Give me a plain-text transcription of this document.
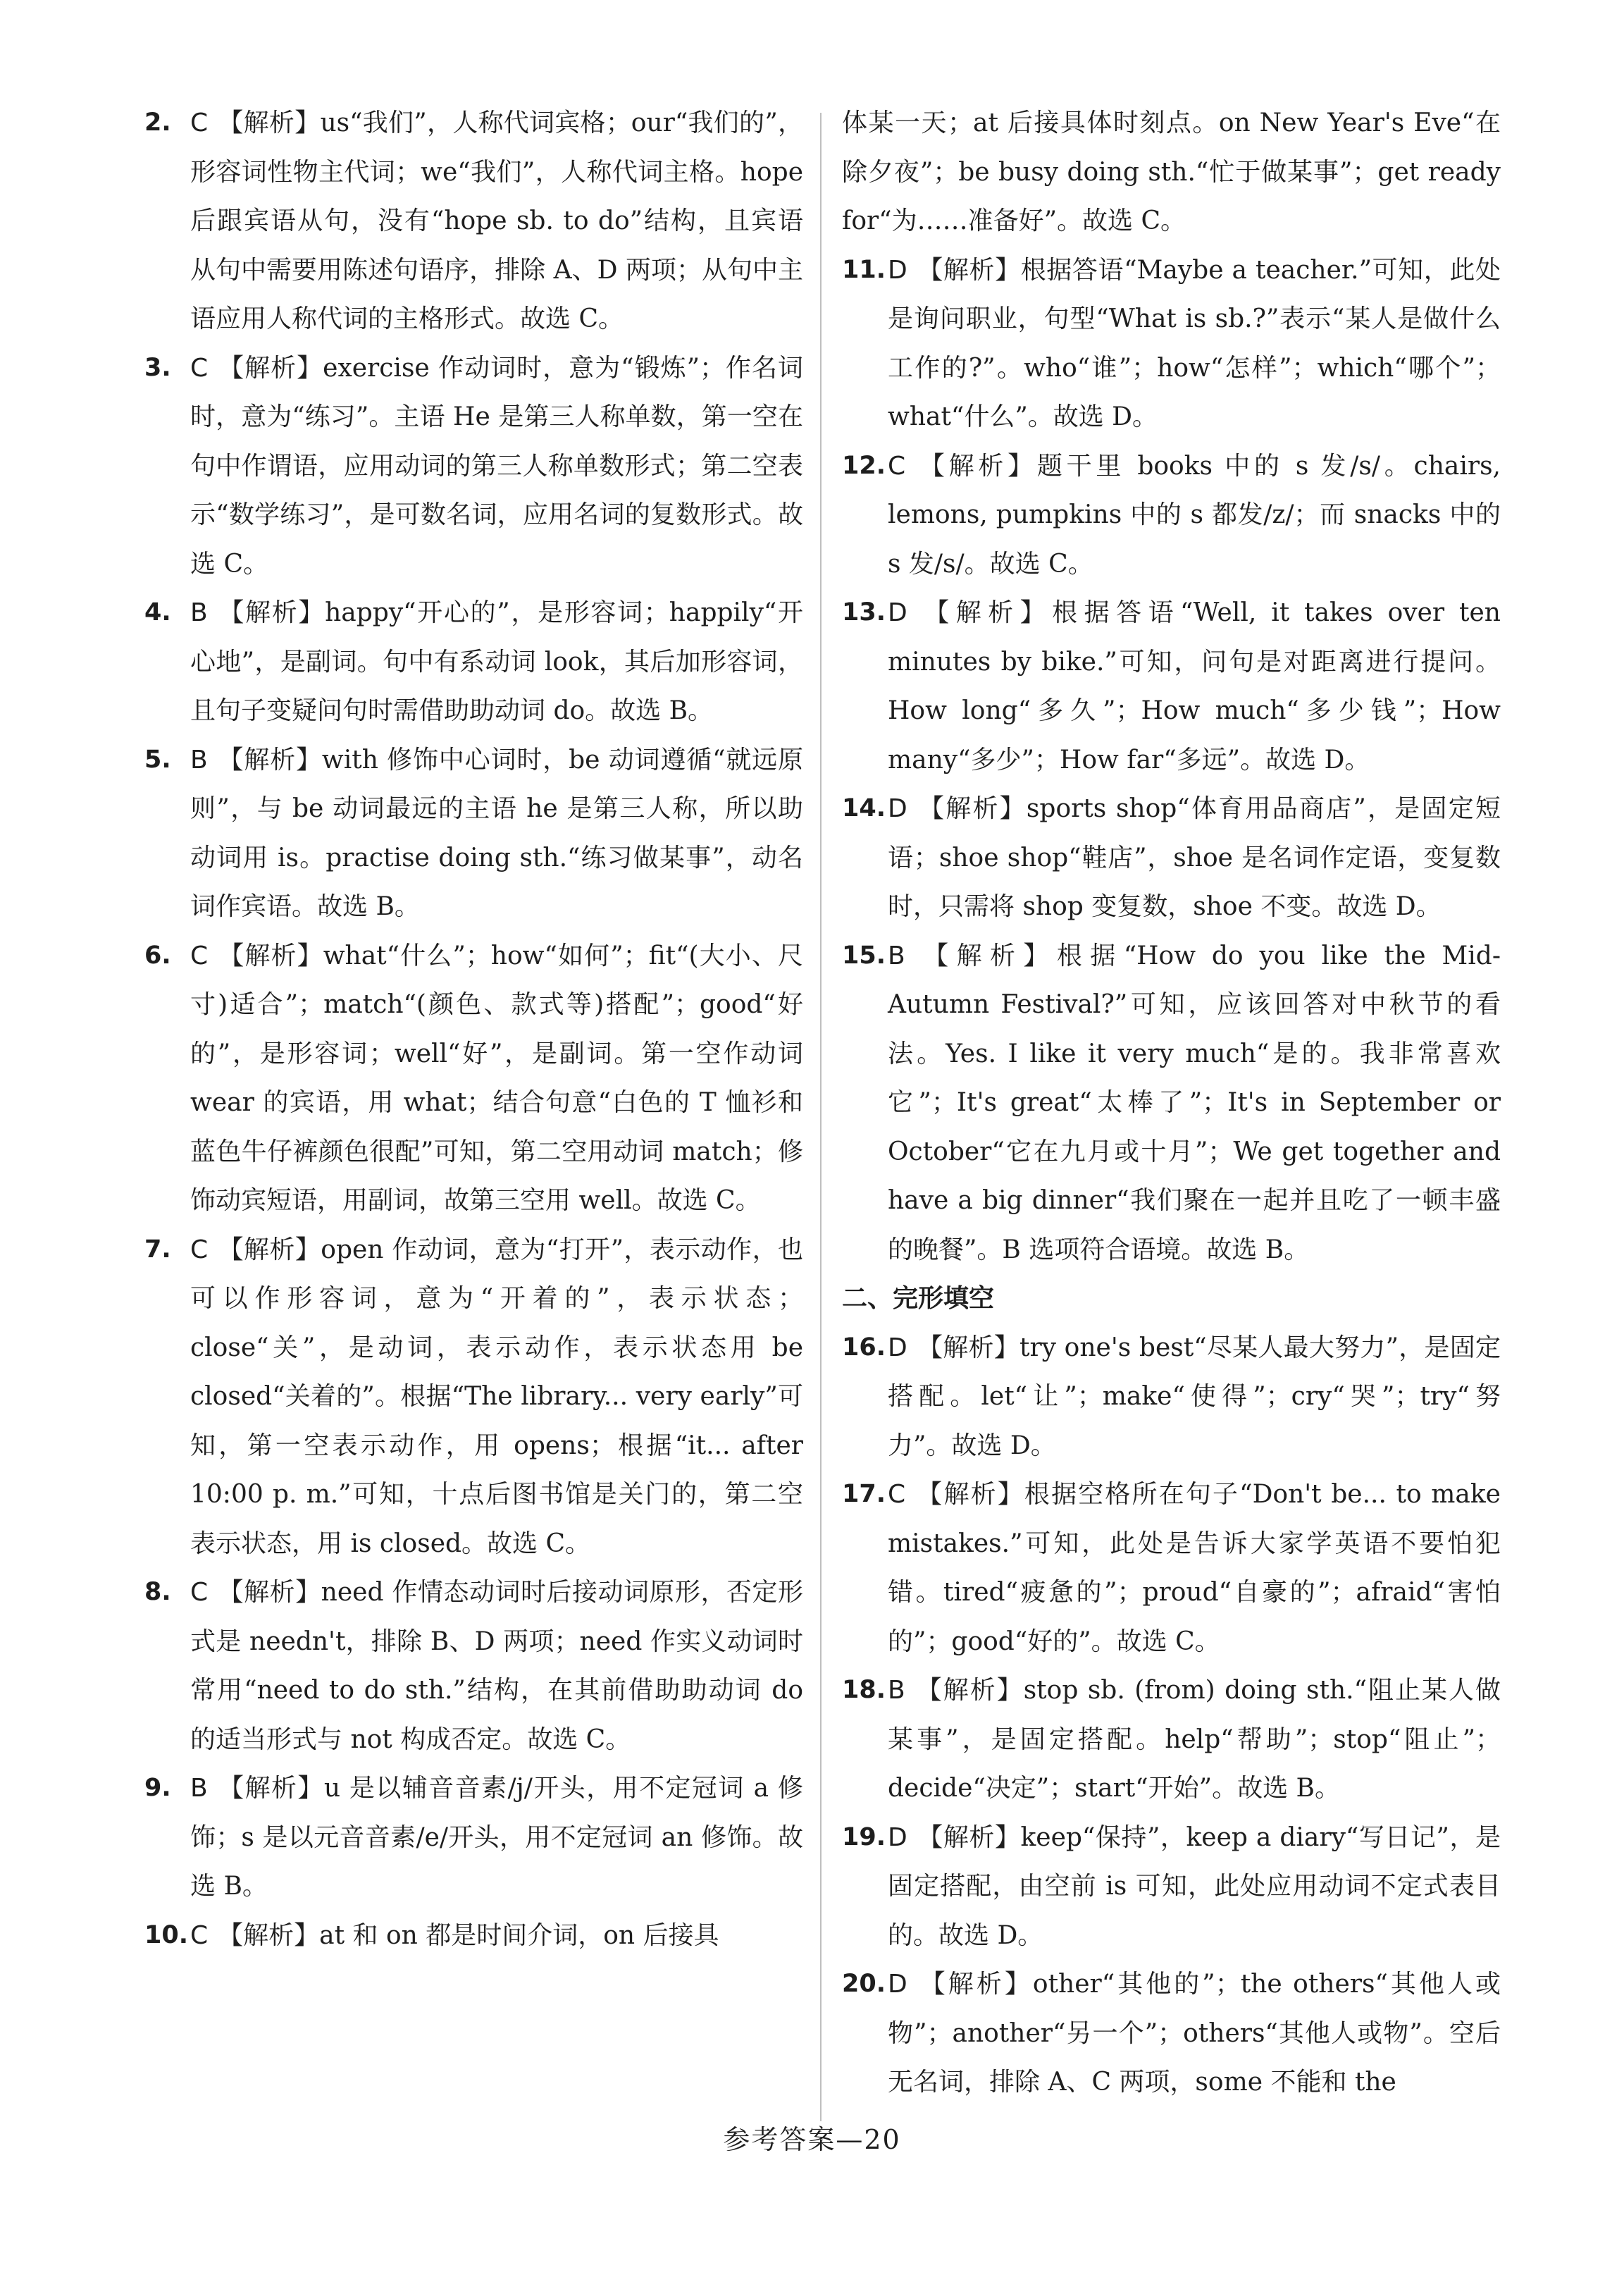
2. C 【解析】us“我们”，人称代词宾格；our“我们的”，形容词性物主代词；we“我们”，人称代词主格。hope 后跟宾语从句，没有“hope sb. to do”结构，且宾语从句中需要用陈述句语序，排除 A、D 两项；从句中主语应用人称代词的主格形式。故选 C。

3. C 【解析】exercise 作动词时，意为“锻炼”；作名词时，意为“练习”。主语 He 是第三人称单数，第一空在句中作谓语，应用动词的第三人称单数形式；第二空表示“数学练习”，是可数名词，应用名词的复数形式。故选 C。

4. B 【解析】happy“开心的”，是形容词；happily“开心地”，是副词。句中有系动词 look，其后加形容词，且句子变疑问句时需借助助动词 do。故选 B。

5. B 【解析】with 修饰中心词时，be 动词遵循“就远原则”，与 be 动词最远的主语 he 是第三人称，所以助动词用 is。practise doing sth.“练习做某事”，动名词作宾语。故选 B。

6. C 【解析】what“什么”；how“如何”；fit“(大小、尺寸)适合”；match“(颜色、款式等)搭配”；good“好的”，是形容词；well“好”，是副词。第一空作动词 wear 的宾语，用 what；结合句意“白色的 T 恤衫和蓝色牛仔裤颜色很配”可知，第二空用动词 match；修饰动宾短语，用副词，故第三空用 well。故选 C。

7. C 【解析】open 作动词，意为“打开”，表示动作，也可以作形容词，意为“开着的”，表示状态；close“关”，是动词，表示动作，表示状态用 be closed“关着的”。根据“The library... very early”可知，第一空表示动作，用 opens；根据“it... after 10:00 p. m.”可知，十点后图书馆是关门的，第二空表示状态，用 is closed。故选 C。

8. C 【解析】need 作情态动词时后接动词原形，否定形式是 needn't，排除 B、D 两项；need 作实义动词时常用“need to do sth.”结构，在其前借助助动词 do 的适当形式与 not 构成否定。故选 C。

9. B 【解析】u 是以辅音音素/j/开头，用不定冠词 a 修饰；s 是以元音音素/e/开头，用不定冠词 an 修饰。故选 B。

10. C 【解析】at 和 on 都是时间介词，on 后接具

体某一天；at 后接具体时刻点。on New Year's Eve“在除夕夜”；be busy doing sth.“忙于做某事”；get ready for“为……准备好”。故选 C。

11. D 【解析】根据答语“Maybe a teacher.”可知，此处是询问职业，句型“What is sb.?”表示“某人是做什么工作的?”。who“谁”；how“怎样”；which“哪个”；what“什么”。故选 D。

12. C 【解析】题干里 books 中的 s 发/s/。chairs, lemons, pumpkins 中的 s 都发/z/；而 snacks 中的 s 发/s/。故选 C。

13. D 【解析】根据答语“Well, it takes over ten minutes by bike.”可知，问句是对距离进行提问。How long“多久”；How much“多少钱”；How many“多少”；How far“多远”。故选 D。

14. D 【解析】sports shop“体育用品商店”，是固定短语；shoe shop“鞋店”，shoe 是名词作定语，变复数时，只需将 shop 变复数，shoe 不变。故选 D。

15. B 【解析】根据“How do you like the Mid-Autumn Festival?”可知，应该回答对中秋节的看法。Yes. I like it very much“是的。我非常喜欢它”；It's great“太棒了”；It's in September or October“它在九月或十月”；We get together and have a big dinner“我们聚在一起并且吃了一顿丰盛的晚餐”。B 选项符合语境。故选 B。

二、完形填空

16. D 【解析】try one's best“尽某人最大努力”，是固定搭配。let“让”；make“使得”；cry“哭”；try“努力”。故选 D。

17. C 【解析】根据空格所在句子“Don't be... to make mistakes.”可知，此处是告诉大家学英语不要怕犯错。tired“疲惫的”；proud“自豪的”；afraid“害怕的”；good“好的”。故选 C。

18. B 【解析】stop sb. (from) doing sth.“阻止某人做某事”，是固定搭配。help“帮助”；stop“阻止”；decide“决定”；start“开始”。故选 B。

19. D 【解析】keep“保持”，keep a diary“写日记”，是固定搭配，由空前 is 可知，此处应用动词不定式表目的。故选 D。

20. D 【解析】other“其他的”；the others“其他人或物”；another“另一个”；others“其他人或物”。空后无名词，排除 A、C 两项，some 不能和 the

参考答案—20
